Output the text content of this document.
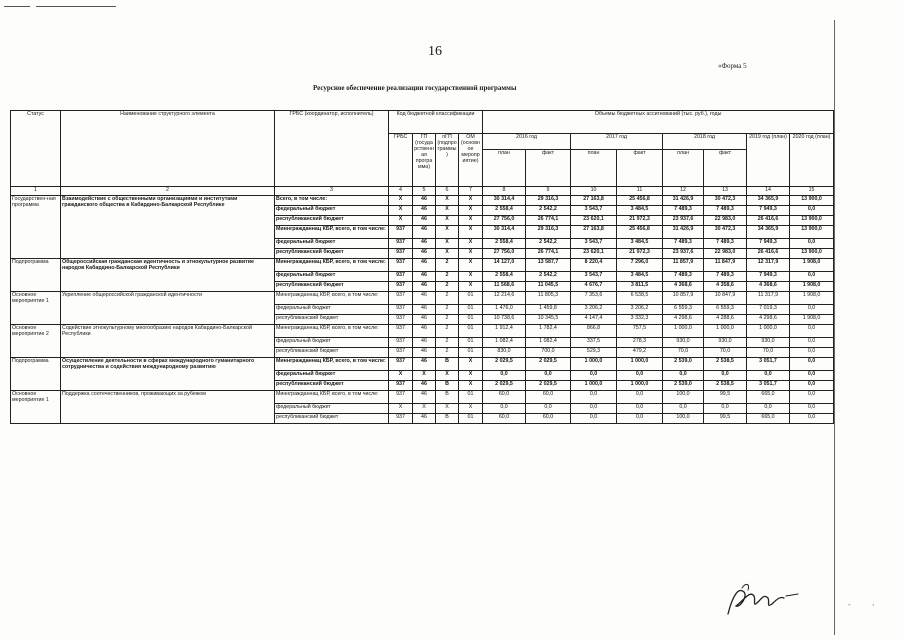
16
«Форма 5
Ресурсное обеспечение реализации государственной программы
Статус	Наименование структурного элемента	ГРБС (координатор, исполнитель)	Код бюджетной классификации				Объемы бюджетных ассигнований (тыс. руб.), годы							
			ГРБС	ГП (государственная программа)	пГП (подпрограммы)	ОМ (основное мероприятие)	2016 год		2017 год		2018 год		2019 год (план)	2020 год (план)
							план	факт	план	факт	план	факт		
1	2	3	4	5	6	7	8	9	10	11	12	13	14	15
Государствен-ная программа	Взаимодействие с общественными организациями и институтами гражданского общества в Кабардино-Балкарской Республике	Всего, в том числе:	X	46	X	X	30 314,4	29 316,3	27 163,8	25 456,8	31 426,9	30 472,3	34 365,9	13 900,0
		федеральный бюджет	X	46	X	X	2 558,4	2 542,2	3 543,7	3 484,5	7 489,3	7 489,3	7 949,3	0,0
		республиканский бюджет	X	46	X	X	27 756,0	26 774,1	23 620,1	21 972,3	23 937,6	22 983,0	26 416,6	13 900,0
		Миннгражданнац КБР, всего, в том числе:	937	46	X	X	30 314,4	29 316,3	27 163,8	25 456,8	31 426,9	30 472,3	34 365,9	13 900,0
		федеральный бюджет	937	46	X	X	2 558,4	2 542,2	3 543,7	3 484,5	7 489,3	7 489,3	7 949,3	0,0
		республиканский бюджет	937	46	X	X	27 756,0	26 774,1	23 620,1	21 972,3	23 937,6	22 983,0	26 416,6	13 900,0
Подпрограмма	Общероссийская гражданская идентичность и этнокультурное развитие народов Кабардино-Балкарской Республики	Миннгражданнац КБР, всего, в том числе:	937	46	2	X	14 127,0	13 587,7	8 220,4	7 296,0	11 857,9	11 847,9	12 317,9	1 908,0
		федеральный бюджет	937	46	2	X	2 558,4	2 542,2	3 543,7	3 484,5	7 489,3	7 489,3	7 949,3	0,0
		республиканский бюджет	937	46	2	X	11 568,6	11 045,5	4 676,7	3 811,5	4 368,6	4 358,6	4 368,6	1 908,0
Основное мероприятие 1	Укрепление общероссийской гражданской идентичности	Миннгражданнац КБР, всего, в том числе:	937	46	2	01	12 214,6	11 805,3	7 353,6	6 538,5	10 857,9	10 847,9	11 317,9	1 908,0
		федеральный бюджет	937	46	2	01	1 476,0	1 459,8	3 206,2	3 206,2	6 559,3	6 559,3	7 019,3	0,0
		республиканский бюджет	937	46	2	01	10 738,6	10 345,5	4 147,4	3 332,3	4 298,6	4 288,6	4 298,6	1 908,0
Основное мероприятие 2	Содействие этнокультурному многообразию народов Кабардино-Балкарской Республики	Миннгражданнац КБР, всего, в том числе:	937	46	2	01	1 912,4	1 782,4	866,8	757,5	1 000,0	1 000,0	1 000,0	0,0
		федеральный бюджет	937	46	2	01	1 082,4	1 082,4	337,5	278,3	930,0	930,0	930,0	0,0
		республиканский бюджет	937	46	2	01	830,0	700,0	529,3	479,2	70,0	70,0	70,0	0,0
Подпрограмма	Осуществление деятельности в сферах международного гуманитарного сотрудничества и содействия международному развитию	Миннгражданнац КБР, всего, в том числе:	937	46	В	X	2 029,5	2 029,5	1 000,0	1 000,0	2 539,0	2 538,5	3 051,7	0,0
		федеральный бюджет	X	X	X	X	0,0	0,0	0,0	0,0	0,0	0,0	0,0	0,0
		республиканский бюджет	937	46	В	X	2 029,5	2 029,5	1 000,0	1 000,0	2 539,0	2 538,5	3 051,7	0,0
Основное мероприятие 1	Поддержка соотечественников, проживающих за рубежом	Миннгражданнац КБР, всего, в том числе:	937	46	В	01	60,0	60,0	0,0	0,0	100,0	99,5	665,0	0,0
		федеральный бюджет	X	X	X	X	0,0	0,0	0,0	0,0	0,0	0,0	0,0	0,0
		республиканский бюджет	937	46	В	01	60,0	60,0	0,0	0,0	100,0	99,5	665,0	0,0
-	,
